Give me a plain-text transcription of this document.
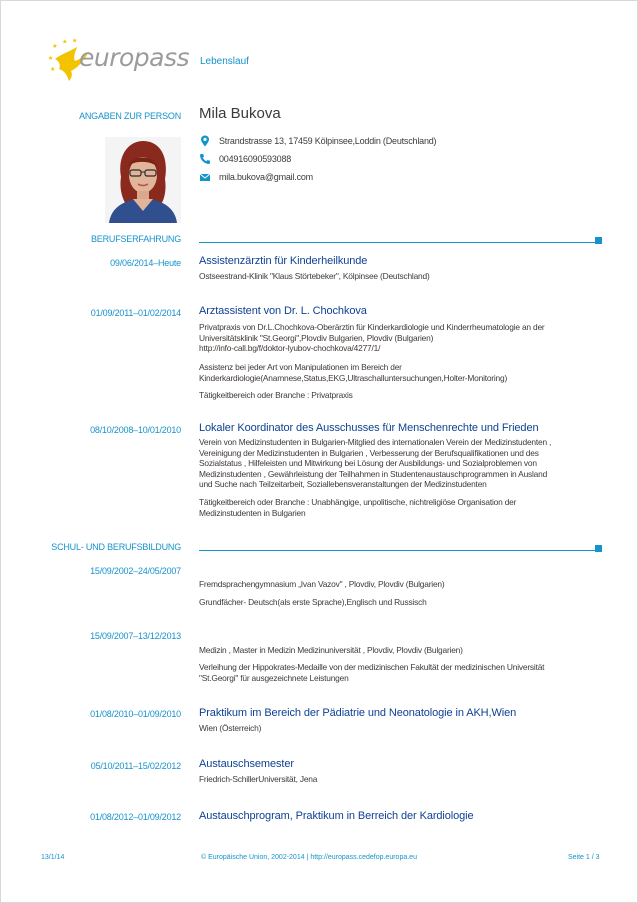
europass Lebenslauf
ANGABEN ZUR PERSON Mila Bukova
Strandstrasse 13, 17459 Kölpinsee,Loddin (Deutschland)
004916090593088
mila.bukova@gmail.com
BERUFSERFAHRUNG
09/06/2014–Heute Assistenzärztin für Kinderheilkunde
Ostseestrand-Klinik "Klaus Störtebeker", Kölpinsee (Deutschland)
01/09/2011–01/02/2014 Arztassistent von Dr. L. Chochkova
Privatpraxis von Dr.L.Chochkova-Oberärztin für Kinderkardiologie und Kinderrheumatologie an der
Universitätsklinik "St.Georgi",Plovdiv Bulgarien, Plovdiv (Bulgarien)
http://info-call.bg/f/doktor-lyubov-chochkova/4277/1/
Assistenz bei jeder Art von Manipulationen im Bereich der
Kinderkardiologie(Anamnese,Status,EKG,Ultraschalluntersuchungen,Holter-Monitoring)
Tätigkeitbereich oder Branche : Privatpraxis
08/10/2008–10/01/2010 Lokaler Koordinator des Ausschusses für Menschenrechte und Frieden
Verein von Medizinstudenten in Bulgarien-Mitglied des internationalen Verein der Medizinstudenten ,
Vereinigung der Medizinstudenten in Bulgarien , Verbesserung der Berufsqualifikationen und des
Sozialstatus , Hilfeleisten und Mitwirkung bei Lösung der Ausbildungs- und Sozialproblemen von
Medizinstudenten , Gewährleistung der Teilhahmen in Studentenaustauschprogrammen in Ausland
und Suche nach Teilzeitarbeit, Soziallebensveranstaltungen der Medizinstudenten
Tätigkeitbereich oder Branche : Unabhängige, unpolitische, nichtreligiöse Organisation der
Medizinstudenten in Bulgarien
SCHUL- UND BERUFSBILDUNG
15/09/2002–24/05/2007
Fremdsprachengymnasium „Ivan Vazov" , Plovdiv, Plovdiv (Bulgarien)
Grundfächer- Deutsch(als erste Sprache),Englisch und Russisch
15/09/2007–13/12/2013
Medizin , Master in Medizin Medizinuniversität , Plovdiv, Plovdiv (Bulgarien)
Verleihung der Hippokrates-Medaille von der medizinischen Fakultät der medizinischen Universität
"St.Georgi" für ausgezeichnete Leistungen
01/08/2010–01/09/2010 Praktikum im Bereich der Pädiatrie und Neonatologie in AKH,Wien
Wien (Österreich)
05/10/2011–15/02/2012 Austauschsemester
Friedrich-SchillerUniversität, Jena
01/08/2012–01/09/2012 Austauschprogram, Praktikum in Berreich der Kardiologie
13/1/14	© Europäische Union, 2002-2014 | http://europass.cedefop.europa.eu	Seite 1 / 3
